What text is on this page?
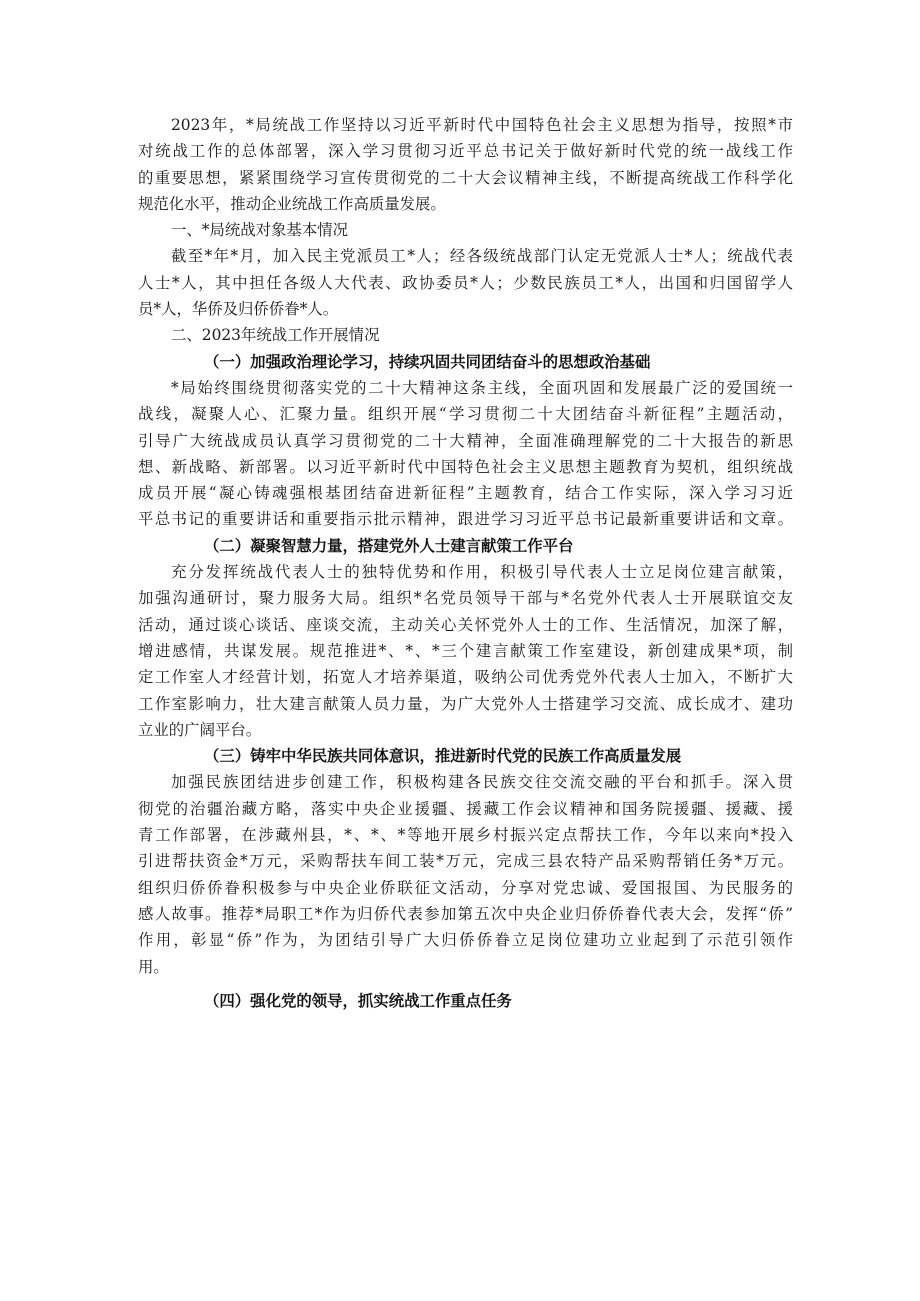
2023年，*局统战工作坚持以习近平新时代中国特色社会主义思想为指导，按照*市
对统战工作的总体部署，深入学习贯彻习近平总书记关于做好新时代党的统一战线工作
的重要思想，紧紧围绕学习宣传贯彻党的二十大会议精神主线，不断提高统战工作科学化
规范化水平，推动企业统战工作高质量发展。
一、*局统战对象基本情况
截至*年*月，加入民主党派员工*人；经各级统战部门认定无党派人士*人；统战代表
人士*人，其中担任各级人大代表、政协委员*人；少数民族员工*人，出国和归国留学人
员*人，华侨及归侨侨眷*人。
二、2023年统战工作开展情况
（一）加强政治理论学习，持续巩固共同团结奋斗的思想政治基础
*局始终围绕贯彻落实党的二十大精神这条主线，全面巩固和发展最广泛的爱国统一
战线，凝聚人心、汇聚力量。组织开展“学习贯彻二十大团结奋斗新征程”主题活动，
引导广大统战成员认真学习贯彻党的二十大精神，全面准确理解党的二十大报告的新思
想、新战略、新部署。以习近平新时代中国特色社会主义思想主题教育为契机，组织统战
成员开展“凝心铸魂强根基团结奋进新征程”主题教育，结合工作实际，深入学习习近
平总书记的重要讲话和重要指示批示精神，跟进学习习近平总书记最新重要讲话和文章。
（二）凝聚智慧力量，搭建党外人士建言献策工作平台
充分发挥统战代表人士的独特优势和作用，积极引导代表人士立足岗位建言献策，
加强沟通研讨，聚力服务大局。组织*名党员领导干部与*名党外代表人士开展联谊交友
活动，通过谈心谈话、座谈交流，主动关心关怀党外人士的工作、生活情况，加深了解，
增进感情，共谋发展。规范推进*、*、*三个建言献策工作室建设，新创建成果*项，制
定工作室人才经营计划，拓宽人才培养渠道，吸纳公司优秀党外代表人士加入，不断扩大
工作室影响力，壮大建言献策人员力量，为广大党外人士搭建学习交流、成长成才、建功
立业的广阔平台。
（三）铸牢中华民族共同体意识，推进新时代党的民族工作高质量发展
加强民族团结进步创建工作，积极构建各民族交往交流交融的平台和抓手。深入贯
彻党的治疆治藏方略，落实中央企业援疆、援藏工作会议精神和国务院援疆、援藏、援
青工作部署，在涉藏州县，*、*、*等地开展乡村振兴定点帮扶工作，今年以来向*投入
引进帮扶资金*万元，采购帮扶车间工装*万元，完成三县农特产品采购帮销任务*万元。
组织归侨侨眷积极参与中央企业侨联征文活动，分享对党忠诚、爱国报国、为民服务的
感人故事。推荐*局职工*作为归侨代表参加第五次中央企业归侨侨眷代表大会，发挥“侨”
作用，彰显“侨”作为，为团结引导广大归侨侨眷立足岗位建功立业起到了示范引领作
用。
（四）强化党的领导，抓实统战工作重点任务
